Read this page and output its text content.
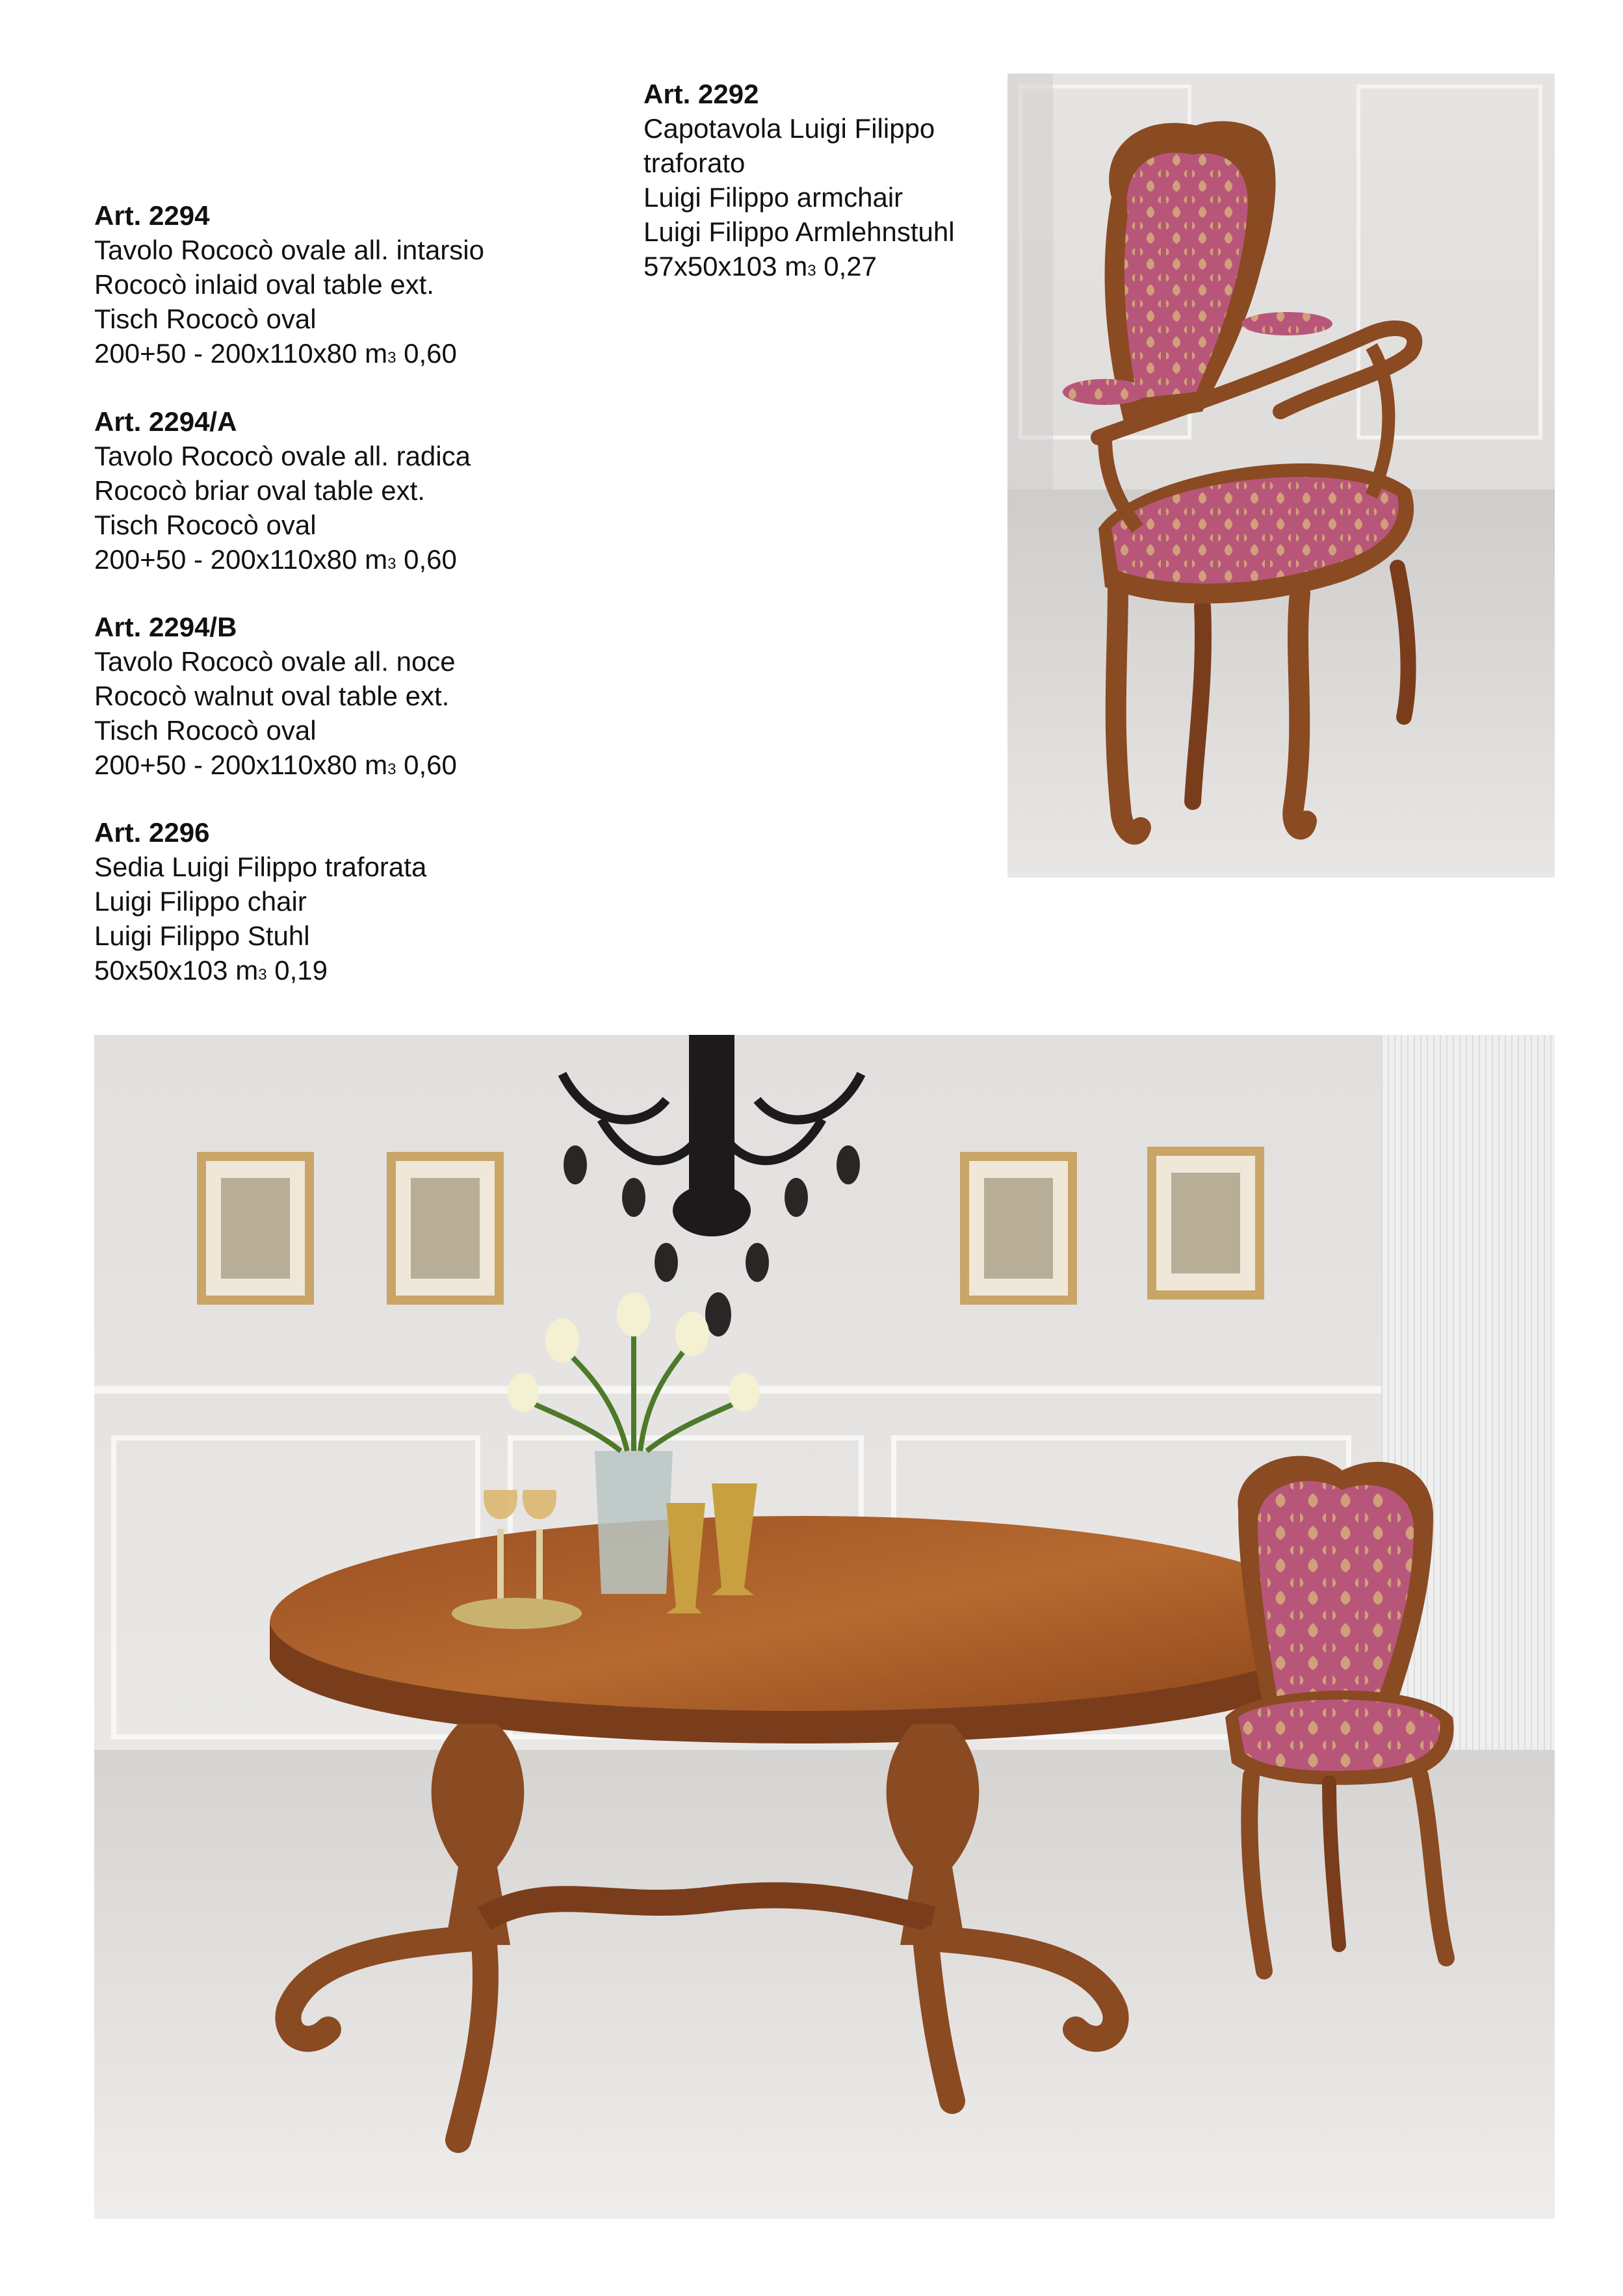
Art. 2294
Tavolo Rococò ovale all. intarsio
Rococò inlaid oval table ext.
Tisch Rococò oval
200+50 - 200x110x80 m3 0,60
Art. 2294/A
Tavolo Rococò ovale all. radica
Rococò briar oval table ext.
Tisch Rococò oval
200+50 - 200x110x80 m3 0,60
Art. 2294/B
Tavolo Rococò ovale all. noce
Rococò walnut oval table ext.
Tisch Rococò oval
200+50 - 200x110x80 m3 0,60
Art. 2296
Sedia Luigi Filippo traforata
Luigi Filippo chair
Luigi Filippo Stuhl
50x50x103 m3 0,19
Art. 2292
Capotavola Luigi Filippo
traforato
Luigi Filippo armchair
Luigi Filippo Armlehnstuhl
57x50x103 m3 0,27
